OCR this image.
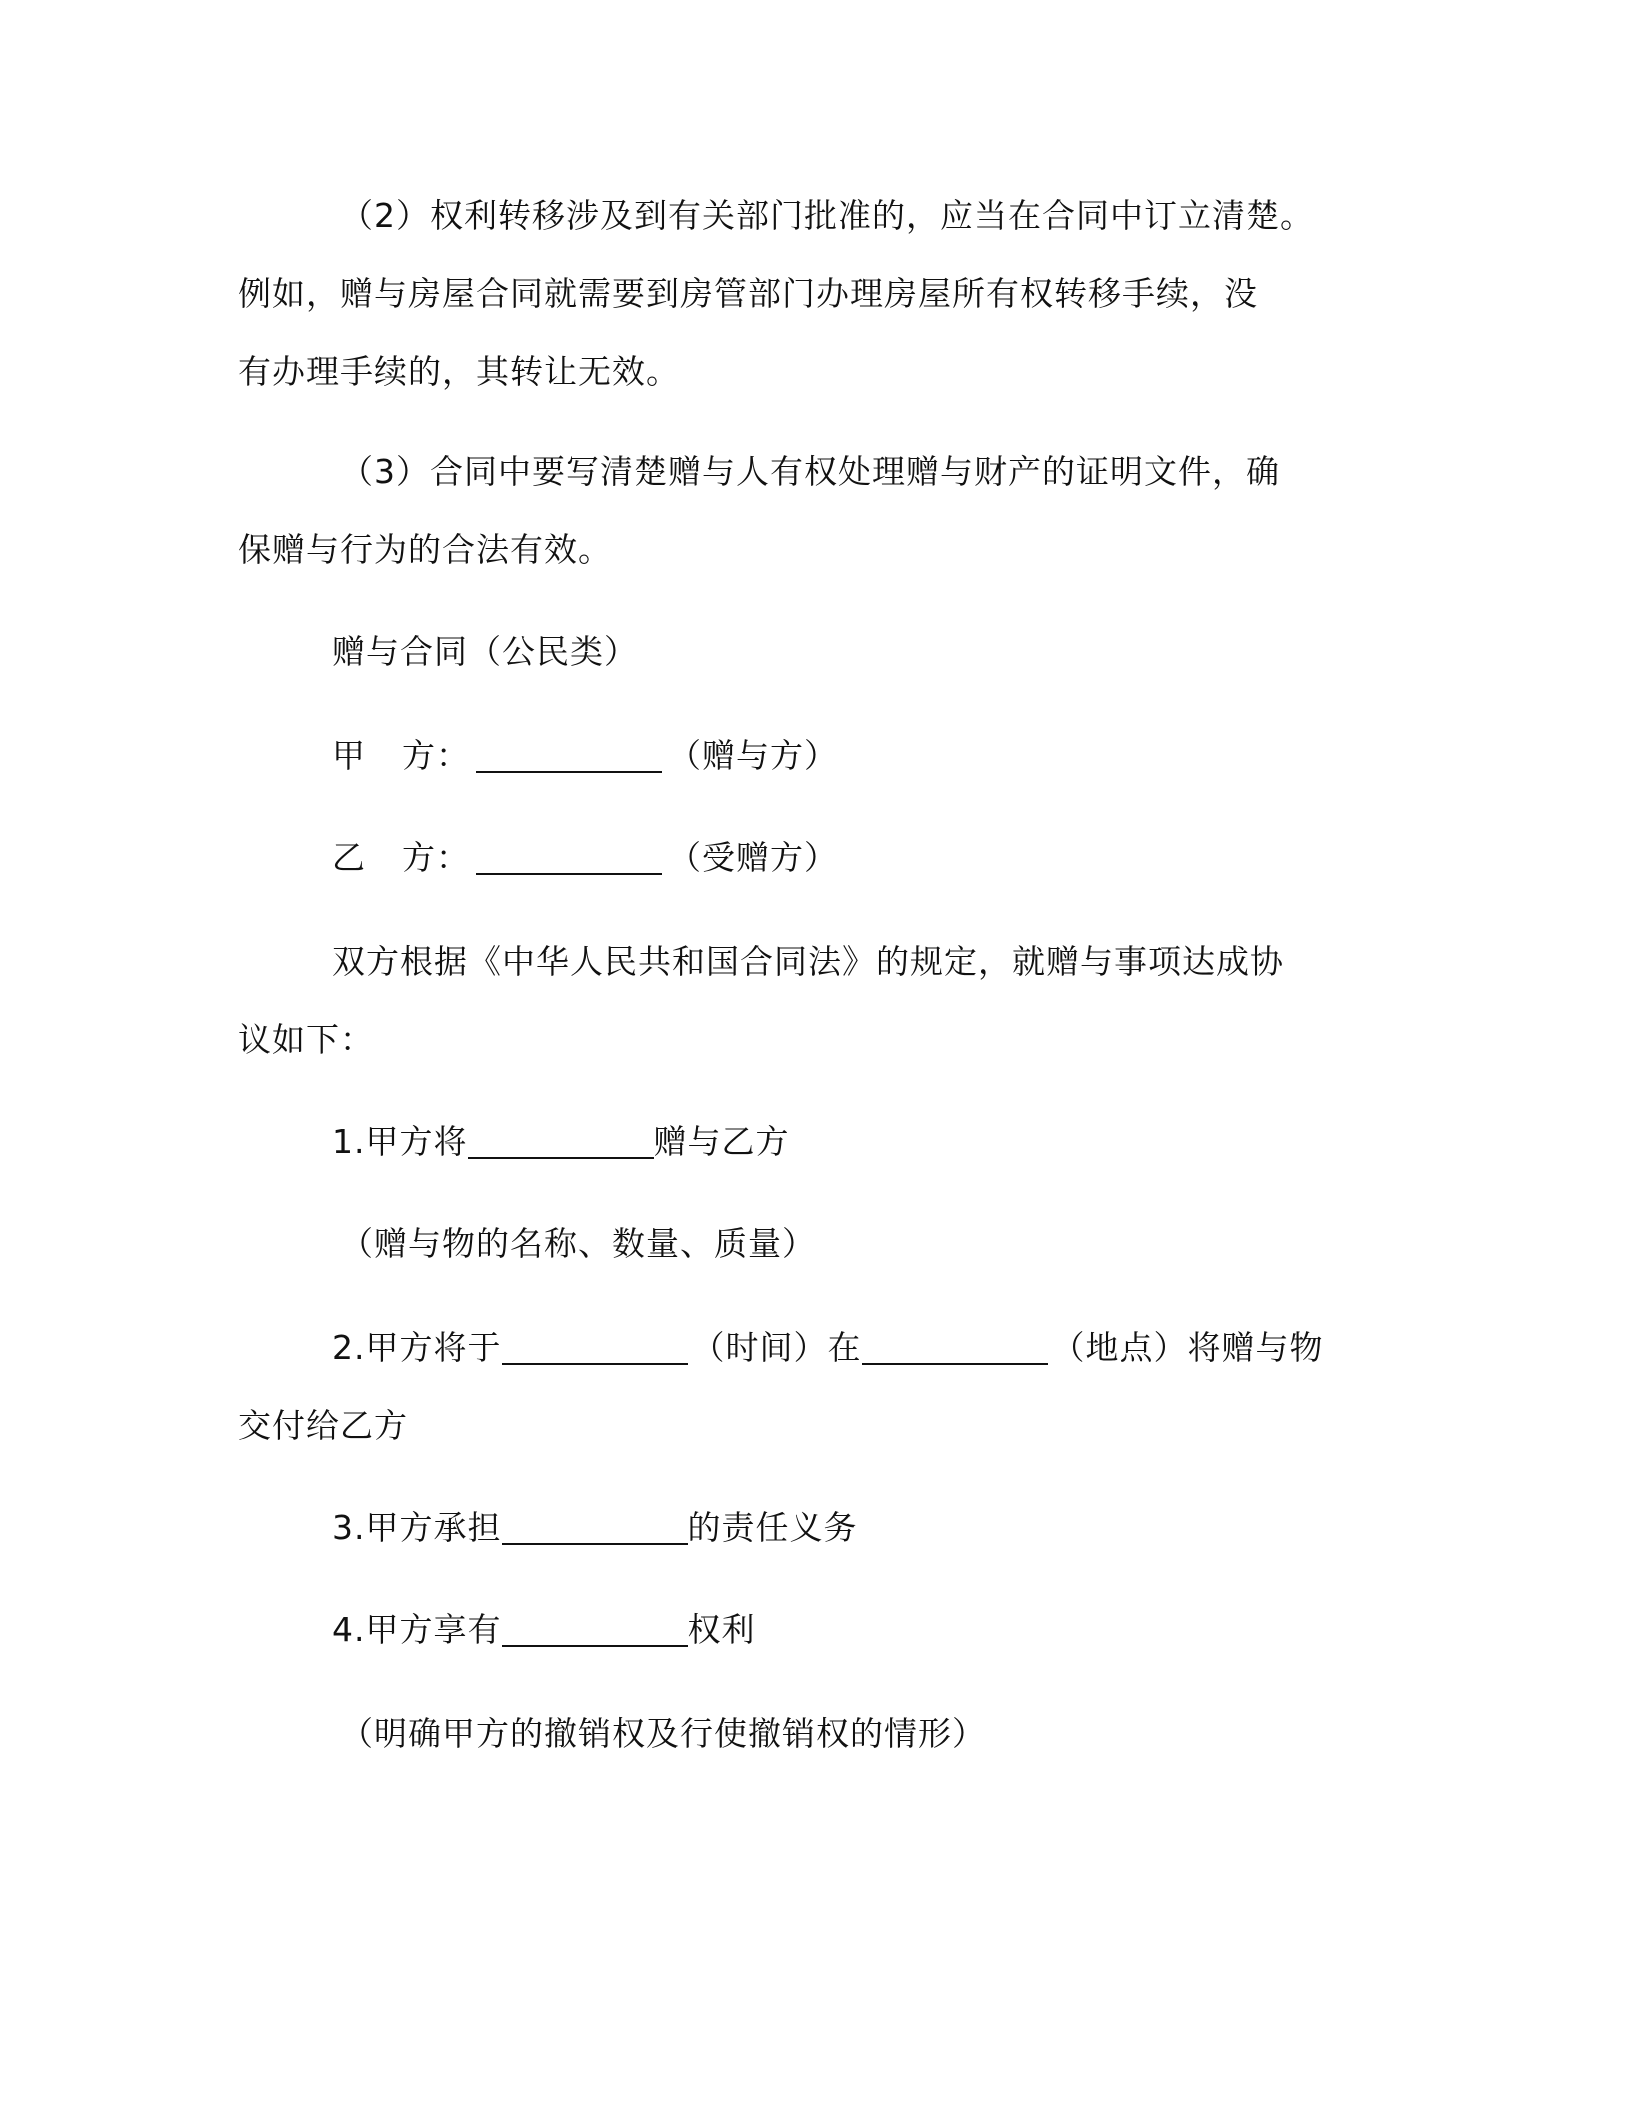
（2）权利转移涉及到有关部门批准的，应当在合同中订立清楚。
例如，赠与房屋合同就需要到房管部门办理房屋所有权转移手续，没
有办理手续的，其转让无效。
（3）合同中要写清楚赠与人有权处理赠与财产的证明文件，确
保赠与行为的合法有效。
赠与合同（公民类）
甲 方：	（赠与方）
乙 方：	（受赠方）
双方根据《中华人民共和国合同法》的规定，就赠与事项达成协
议如下：
1.甲方将	赠与乙方
（赠与物的名称、数量、质量）
2.甲方将于	（时间）在	（地点）将赠与物
交付给乙方
3.甲方承担	的责任义务
4.甲方享有	权利
（明确甲方的撤销权及行使撤销权的情形）
